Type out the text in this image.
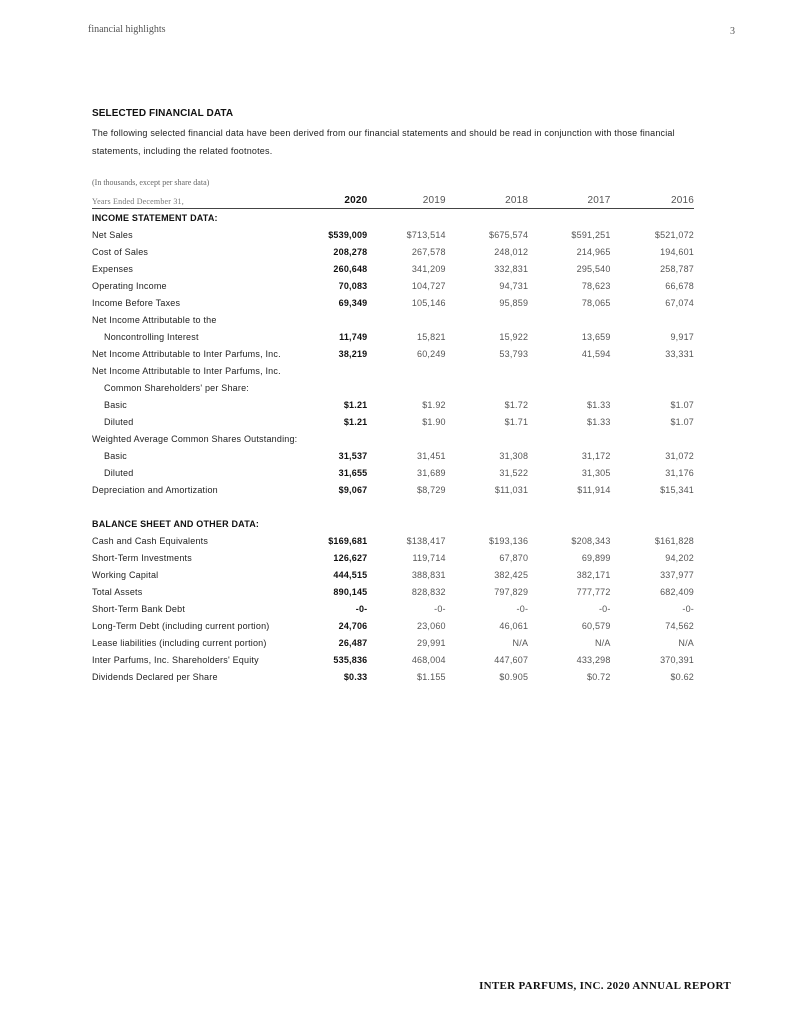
financial highlights	3
SELECTED FINANCIAL DATA
The following selected financial data have been derived from our financial statements and should be read in conjunction with those financial statements, including the related footnotes.
(In thousands, except per share data)
Years Ended December 31,	2020	2019	2018	2017	2016
INCOME STATEMENT DATA:					
Net Sales	$539,009	$713,514	$675,574	$591,251	$521,072
Cost of Sales	208,278	267,578	248,012	214,965	194,601
Expenses	260,648	341,209	332,831	295,540	258,787
Operating Income	70,083	104,727	94,731	78,623	66,678
Income Before Taxes	69,349	105,146	95,859	78,065	67,074
Net Income Attributable to the					
Noncontrolling Interest	11,749	15,821	15,922	13,659	9,917
Net Income Attributable to Inter Parfums, Inc.	38,219	60,249	53,793	41,594	33,331
Net Income Attributable to Inter Parfums, Inc.					
Common Shareholders' per Share:					
Basic	$1.21	$1.92	$1.72	$1.33	$1.07
Diluted	$1.21	$1.90	$1.71	$1.33	$1.07
Weighted Average Common Shares Outstanding:					
Basic	31,537	31,451	31,308	31,172	31,072
Diluted	31,655	31,689	31,522	31,305	31,176
Depreciation and Amortization	$9,067	$8,729	$11,031	$11,914	$15,341

BALANCE SHEET AND OTHER DATA:					
Cash and Cash Equivalents	$169,681	$138,417	$193,136	$208,343	$161,828
Short-Term Investments	126,627	119,714	67,870	69,899	94,202
Working Capital	444,515	388,831	382,425	382,171	337,977
Total Assets	890,145	828,832	797,829	777,772	682,409
Short-Term Bank Debt	-0-	-0-	-0-	-0-	-0-
Long-Term Debt (including current portion)	24,706	23,060	46,061	60,579	74,562
Lease liabilities (including current portion)	26,487	29,991	N/A	N/A	N/A
Inter Parfums, Inc. Shareholders' Equity	535,836	468,004	447,607	433,298	370,391
Dividends Declared per Share	$0.33	$1.155	$0.905	$0.72	$0.62
INTER PARFUMS, INC. 2020 ANNUAL REPORT
